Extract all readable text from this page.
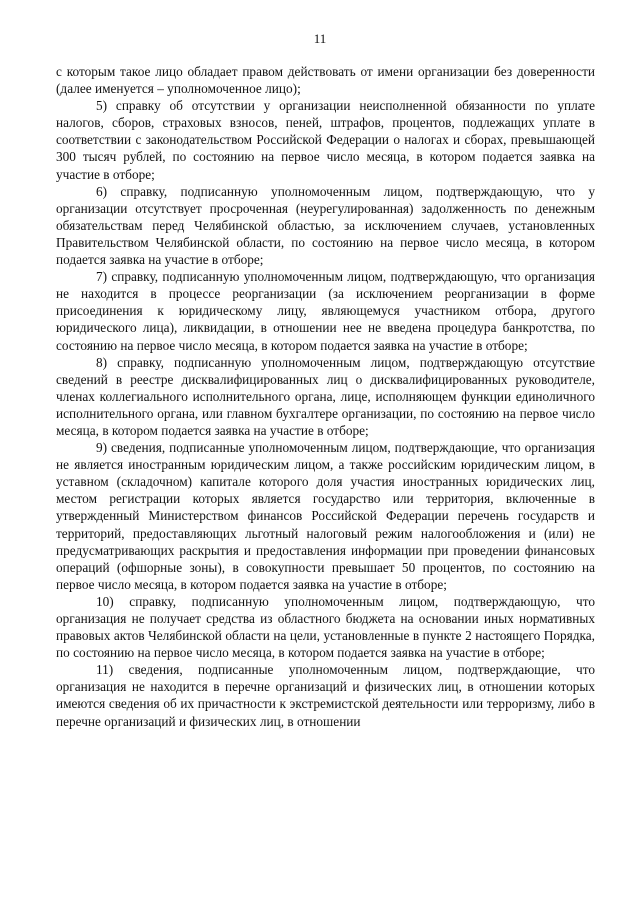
11

с которым такое лицо обладает правом действовать от имени организации без доверенности (далее именуется – уполномоченное лицо);

5) справку об отсутствии у организации неисполненной обязанности по уплате налогов, сборов, страховых взносов, пеней, штрафов, процентов, подлежащих уплате в соответствии с законодательством Российской Федерации о налогах и сборах, превышающей 300 тысяч рублей, по состоянию на первое число месяца, в котором подается заявка на участие в отборе;

6) справку, подписанную уполномоченным лицом, подтверждающую, что у организации отсутствует просроченная (неурегулированная) задолженность по денежным обязательствам перед Челябинской областью, за исключением случаев, установленных Правительством Челябинской области, по состоянию на первое число месяца, в котором подается заявка на участие в отборе;

7) справку, подписанную уполномоченным лицом, подтверждающую, что организация не находится в процессе реорганизации (за исключением реорганизации в форме присоединения к юридическому лицу, являющемуся участником отбора, другого юридического лица), ликвидации, в отношении нее не введена процедура банкротства, по состоянию на первое число месяца, в котором подается заявка на участие в отборе;

8) справку, подписанную уполномоченным лицом, подтверждающую отсутствие сведений в реестре дисквалифицированных лиц о дисквалифицированных руководителе, членах коллегиального исполнительного органа, лице, исполняющем функции единоличного исполнительного органа, или главном бухгалтере организации, по состоянию на первое число месяца, в котором подается заявка на участие в отборе;

9) сведения, подписанные уполномоченным лицом, подтверждающие, что организация не является иностранным юридическим лицом, а также российским юридическим лицом, в уставном (складочном) капитале которого доля участия иностранных юридических лиц, местом регистрации которых является государство или территория, включенные в утвержденный Министерством финансов Российской Федерации перечень государств и территорий, предоставляющих льготный налоговый режим налогообложения и (или) не предусматривающих раскрытия и предоставления информации при проведении финансовых операций (офшорные зоны), в совокупности превышает 50 процентов, по состоянию на первое число месяца, в котором подается заявка на участие в отборе;

10) справку, подписанную уполномоченным лицом, подтверждающую, что организация не получает средства из областного бюджета на основании иных нормативных правовых актов Челябинской области на цели, установленные в пункте 2 настоящего Порядка, по состоянию на первое число месяца, в котором подается заявка на участие в отборе;

11) сведения, подписанные уполномоченным лицом, подтверждающие, что организация не находится в перечне организаций и физических лиц, в отношении которых имеются сведения об их причастности к экстремистской деятельности или терроризму, либо в перечне организаций и физических лиц, в отношении
